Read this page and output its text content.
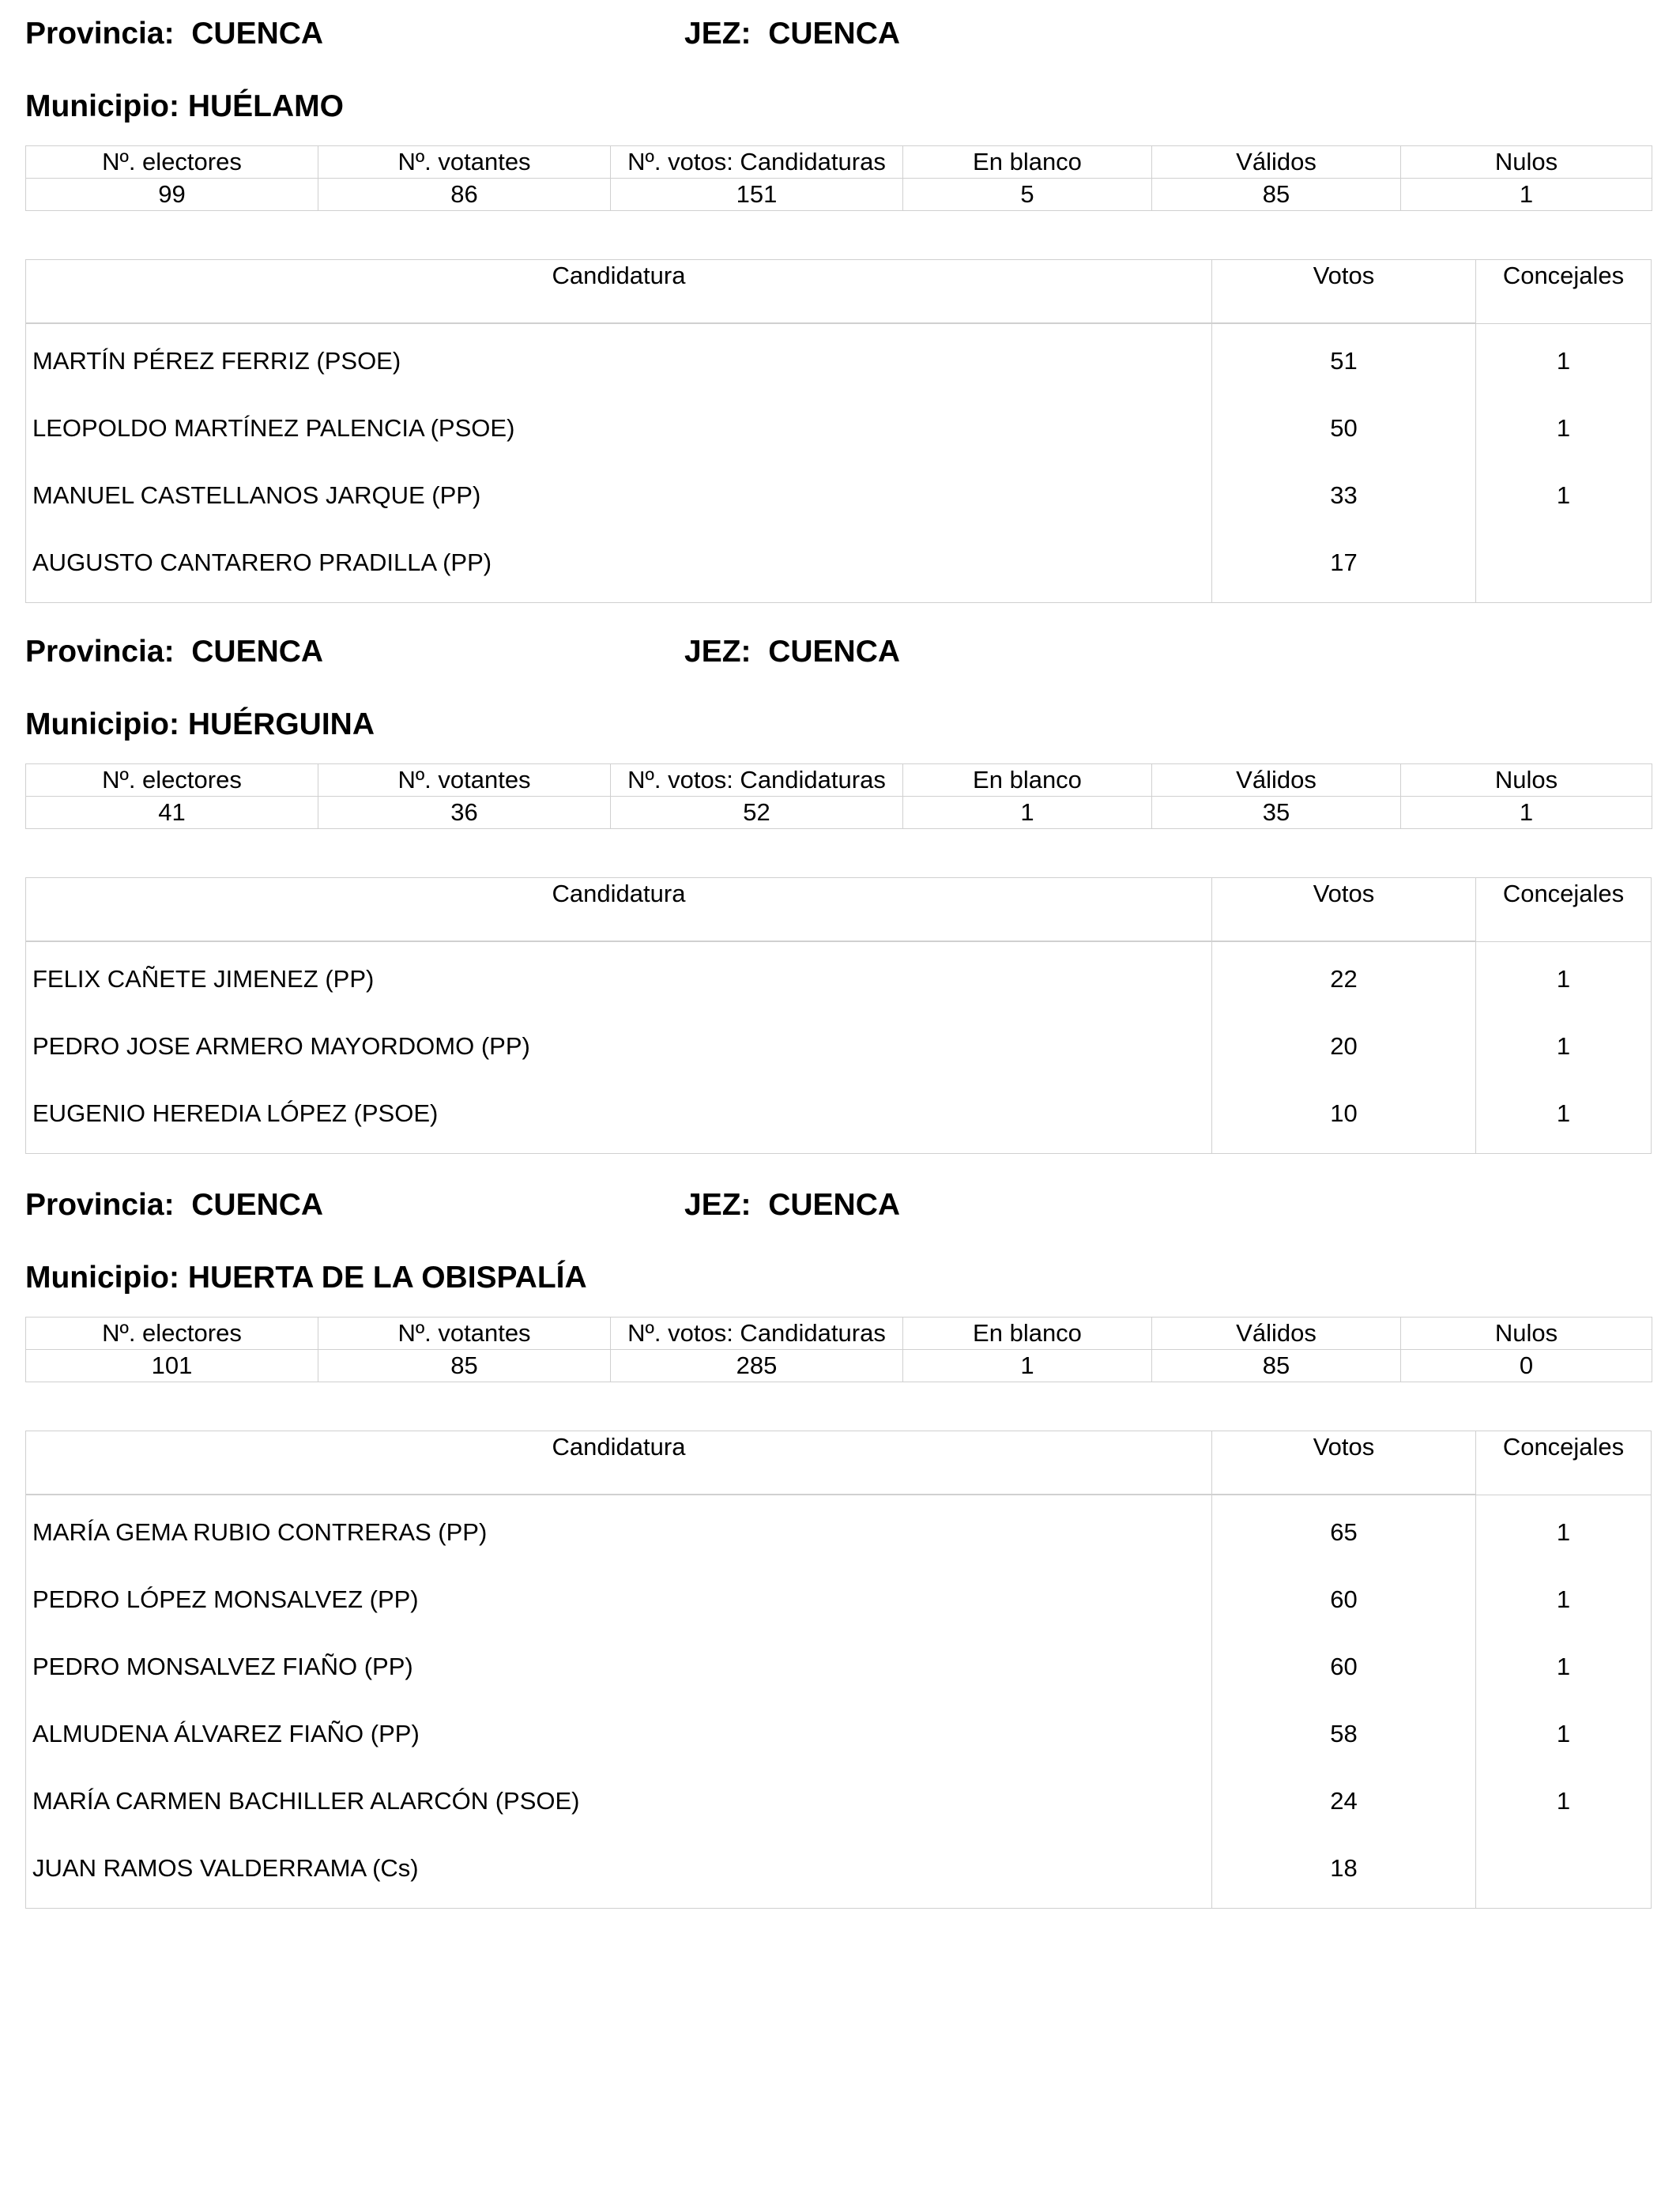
Provincia: CUENCA	JEZ: CUENCA
Municipio: HUÉLAMO
Nº. electores	Nº. votantes	Nº. votos: Candidaturas	En blanco	Válidos	Nulos
99	86	151	5	85	1
Candidatura	Votos	Concejales
MARTÍN PÉREZ FERRIZ (PSOE)	51	1
LEOPOLDO MARTÍNEZ PALENCIA (PSOE)	50	1
MANUEL CASTELLANOS JARQUE (PP)	33	1
AUGUSTO CANTARERO PRADILLA (PP)	17
Provincia: CUENCA	JEZ: CUENCA
Municipio: HUÉRGUINA
Nº. electores	Nº. votantes	Nº. votos: Candidaturas	En blanco	Válidos	Nulos
41	36	52	1	35	1
Candidatura	Votos	Concejales
FELIX CAÑETE JIMENEZ (PP)	22	1
PEDRO JOSE ARMERO MAYORDOMO (PP)	20	1
EUGENIO HEREDIA LÓPEZ (PSOE)	10	1
Provincia: CUENCA	JEZ: CUENCA
Municipio: HUERTA DE LA OBISPALÍA
Nº. electores	Nº. votantes	Nº. votos: Candidaturas	En blanco	Válidos	Nulos
101	85	285	1	85	0
Candidatura	Votos	Concejales
MARÍA GEMA RUBIO CONTRERAS (PP)	65	1
PEDRO LÓPEZ MONSALVEZ (PP)	60	1
PEDRO MONSALVEZ FIAÑO (PP)	60	1
ALMUDENA ÁLVAREZ FIAÑO (PP)	58	1
MARÍA CARMEN BACHILLER ALARCÓN (PSOE)	24	1
JUAN RAMOS VALDERRAMA (Cs)	18
